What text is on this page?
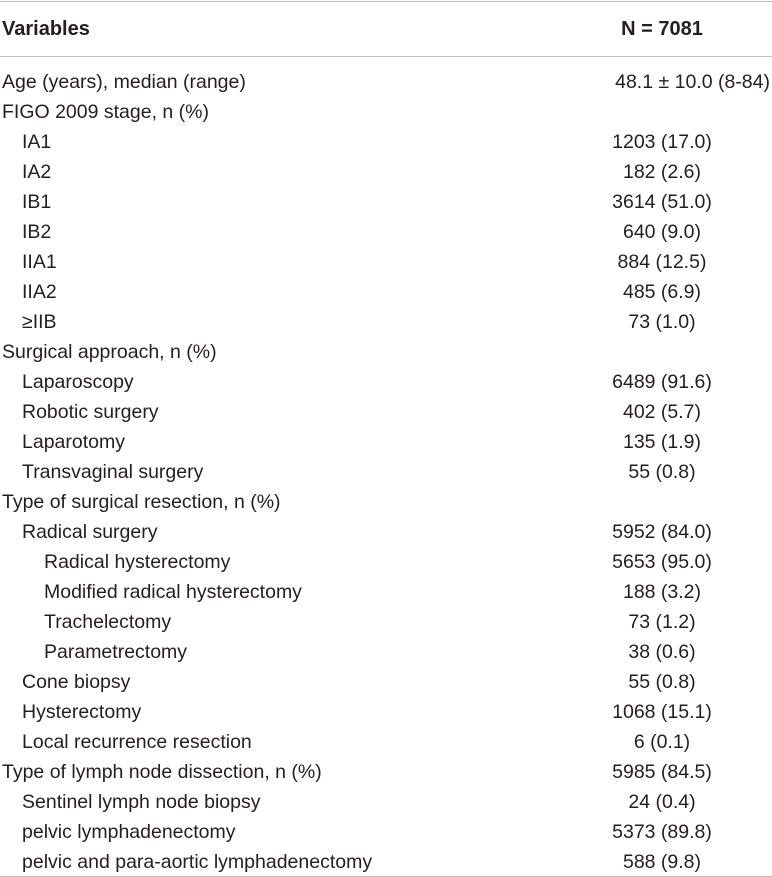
Variables	N = 7081
Age (years), median (range)	48.1 ± 10.0 (8-84)
FIGO 2009 stage, n (%)
IA1	1203 (17.0)
IA2	182 (2.6)
IB1	3614 (51.0)
IB2	640 (9.0)
IIA1	884 (12.5)
IIA2	485 (6.9)
≥IIB	73 (1.0)
Surgical approach, n (%)
Laparoscopy	6489 (91.6)
Robotic surgery	402 (5.7)
Laparotomy	135 (1.9)
Transvaginal surgery	55 (0.8)
Type of surgical resection, n (%)
Radical surgery	5952 (84.0)
Radical hysterectomy	5653 (95.0)
Modified radical hysterectomy	188 (3.2)
Trachelectomy	73 (1.2)
Parametrectomy	38 (0.6)
Cone biopsy	55 (0.8)
Hysterectomy	1068 (15.1)
Local recurrence resection	6 (0.1)
Type of lymph node dissection, n (%)	5985 (84.5)
Sentinel lymph node biopsy	24 (0.4)
pelvic lymphadenectomy	5373 (89.8)
pelvic and para-aortic lymphadenectomy	588 (9.8)
